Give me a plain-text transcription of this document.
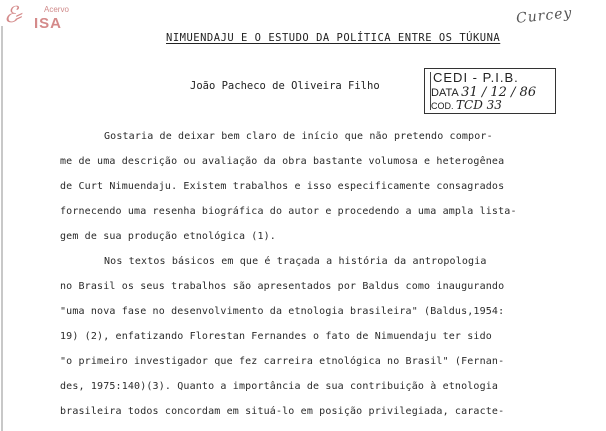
ℰ⸗	Acervo
ISA	Curcey
NIMUENDAJU E O ESTUDO DA POLÍTICA ENTRE OS TÚKUNA
João Pacheco de Oliveira Filho
CEDI - P.I.B.
DATA 31 / 12 / 86
COD. TCD 33
Gostaria de deixar bem claro de início que não pretendo compor-
me de uma descrição ou avaliação da obra bastante volumosa e heterogênea
de Curt Nimuendaju. Existem trabalhos e isso especificamente consagrados
fornecendo uma resenha biográfica do autor e procedendo a uma ampla lista-
gem de sua produção etnológica (1).
Nos textos básicos em que é traçada a história da antropologia
no Brasil os seus trabalhos são apresentados por Baldus como inaugurando
"uma nova fase no desenvolvimento da etnologia brasileira" (Baldus,1954:
19) (2), enfatizando Florestan Fernandes o fato de Nimuendaju ter sido
"o primeiro investigador que fez carreira etnológica no Brasil" (Fernan-
des, 1975:140)(3). Quanto a importância de sua contribuição à etnologia
brasileira todos concordam em situá-lo em posição privilegiada, caracte-
